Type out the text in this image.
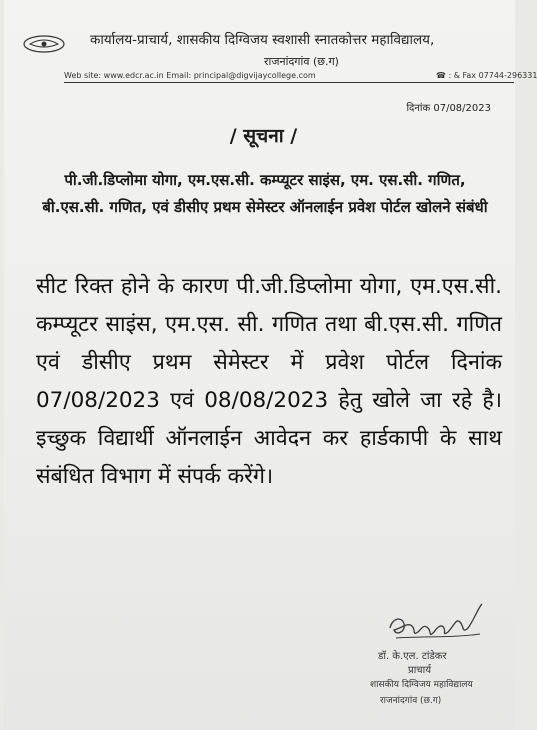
कार्यालय-प्राचार्य, शासकीय दिग्विजय स्वशासी स्नातकोत्तर महाविद्यालय,
राजनांदगांव (छ.ग)
Web site: www.edcr.ac.in Email: principal@digvijaycollege.com	☎ : & Fax 07744-296331
दिनांक 07/08/2023
/ सूचना /
पी.जी.डिप्लोमा योगा, एम.एस.सी. कम्प्यूटर साइंस, एम. एस.सी. गणित, बी.एस.सी. गणित, एवं डीसीए प्रथम सेमेस्टर ऑनलाईन प्रवेश पोर्टल खोलने संबंधी
सीट रिक्त होने के कारण पी.जी.डिप्लोमा योगा, एम.एस.सी. कम्प्यूटर साइंस, एम.एस. सी. गणित तथा बी.एस.सी. गणित एवं डीसीए प्रथम सेमेस्टर में प्रवेश पोर्टल दिनांक 07/08/2023 एवं 08/08/2023 हेतु खोले जा रहे है। इच्छुक विद्यार्थी ऑनलाईन आवेदन कर हार्डकापी के साथ संबंधित विभाग में संपर्क करेंगे।
डॉ. के.एल. टांडेकर
प्राचार्य
शासकीय दिग्विजय महाविद्यालय
राजनांदगांव (छ.ग)
